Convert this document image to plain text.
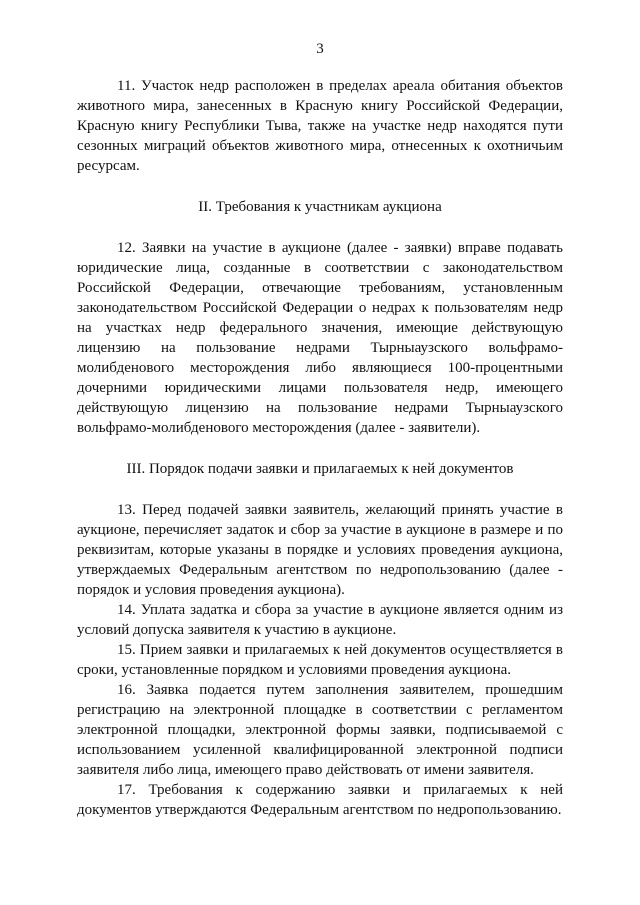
3

11. Участок недр расположен в пределах ареала обитания объектов животного мира, занесенных в Красную книгу Российской Федерации, Красную книгу Республики Тыва, также на участке недр находятся пути сезонных миграций объектов животного мира, отнесенных к охотничьим ресурсам.

II. Требования к участникам аукциона

12. Заявки на участие в аукционе (далее - заявки) вправе подавать юридические лица, созданные в соответствии с законодательством Российской Федерации, отвечающие требованиям, установленным законодательством Российской Федерации о недрах к пользователям недр на участках недр федерального значения, имеющие действующую лицензию на пользование недрами Тырныаузского вольфрамо-молибденового месторождения либо являющиеся 100-процентными дочерними юридическими лицами пользователя недр, имеющего действующую лицензию на пользование недрами Тырныаузского вольфрамо-молибденового месторождения (далее - заявители).

III. Порядок подачи заявки и прилагаемых к ней документов

13. Перед подачей заявки заявитель, желающий принять участие в аукционе, перечисляет задаток и сбор за участие в аукционе в размере и по реквизитам, которые указаны в порядке и условиях проведения аукциона, утверждаемых Федеральным агентством по недропользованию (далее - порядок и условия проведения аукциона).

14. Уплата задатка и сбора за участие в аукционе является одним из условий допуска заявителя к участию в аукционе.

15. Прием заявки и прилагаемых к ней документов осуществляется в сроки, установленные порядком и условиями проведения аукциона.

16. Заявка подается путем заполнения заявителем, прошедшим регистрацию на электронной площадке в соответствии с регламентом электронной площадки, электронной формы заявки, подписываемой с использованием усиленной квалифицированной электронной подписи заявителя либо лица, имеющего право действовать от имени заявителя.

17. Требования к содержанию заявки и прилагаемых к ней документов утверждаются Федеральным агентством по недропользованию.
